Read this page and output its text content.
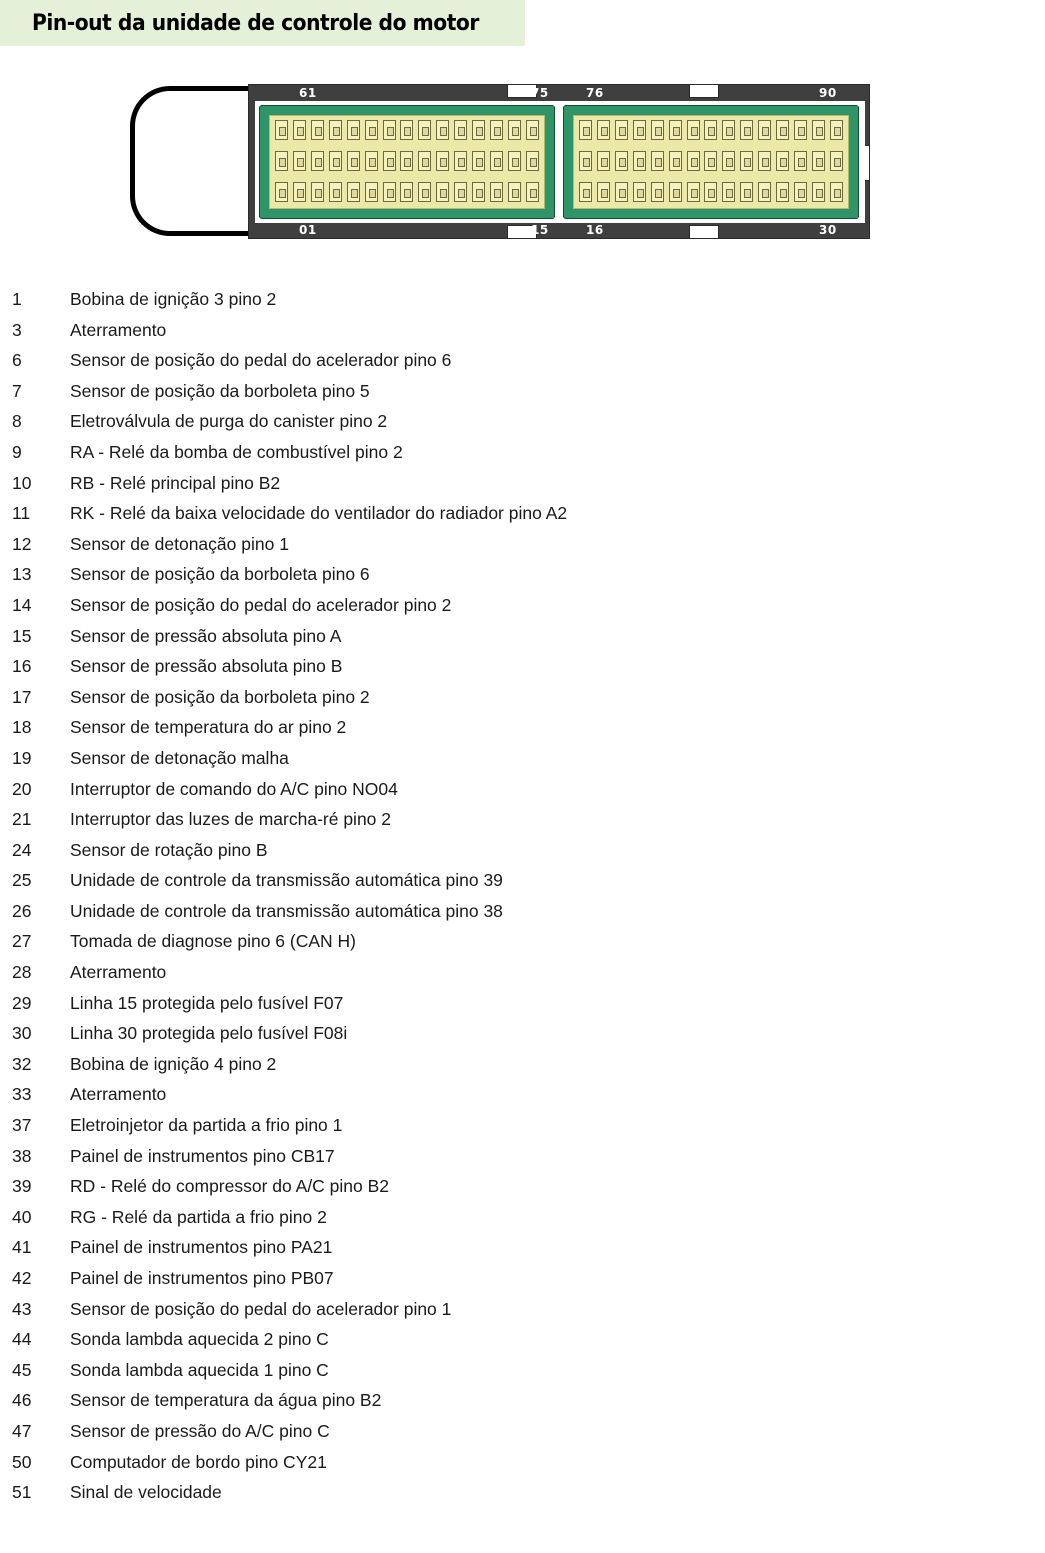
Pin-out da unidade de controle do motor
61	75	76	90
01	15	16	30
1	Bobina de ignição 3 pino 2
3	Aterramento
6	Sensor de posição do pedal do acelerador pino 6
7	Sensor de posição da borboleta pino 5
8	Eletroválvula de purga do canister pino 2
9	RA - Relé da bomba de combustível pino 2
10	RB - Relé principal pino B2
11	RK - Relé da baixa velocidade do ventilador do radiador pino A2
12	Sensor de detonação pino 1
13	Sensor de posição da borboleta pino 6
14	Sensor de posição do pedal do acelerador pino 2
15	Sensor de pressão absoluta pino A
16	Sensor de pressão absoluta pino B
17	Sensor de posição da borboleta pino 2
18	Sensor de temperatura do ar pino 2
19	Sensor de detonação malha
20	Interruptor de comando do A/C pino NO04
21	Interruptor das luzes de marcha-ré pino 2
24	Sensor de rotação pino B
25	Unidade de controle da transmissão automática pino 39
26	Unidade de controle da transmissão automática pino 38
27	Tomada de diagnose pino 6 (CAN H)
28	Aterramento
29	Linha 15 protegida pelo fusível F07
30	Linha 30 protegida pelo fusível F08i
32	Bobina de ignição 4 pino 2
33	Aterramento
37	Eletroinjetor da partida a frio pino 1
38	Painel de instrumentos pino CB17
39	RD - Relé do compressor do A/C pino B2
40	RG - Relé da partida a frio pino 2
41	Painel de instrumentos pino PA21
42	Painel de instrumentos pino PB07
43	Sensor de posição do pedal do acelerador pino 1
44	Sonda lambda aquecida 2 pino C
45	Sonda lambda aquecida 1 pino C
46	Sensor de temperatura da água pino B2
47	Sensor de pressão do A/C pino C
50	Computador de bordo pino CY21
51	Sinal de velocidade
